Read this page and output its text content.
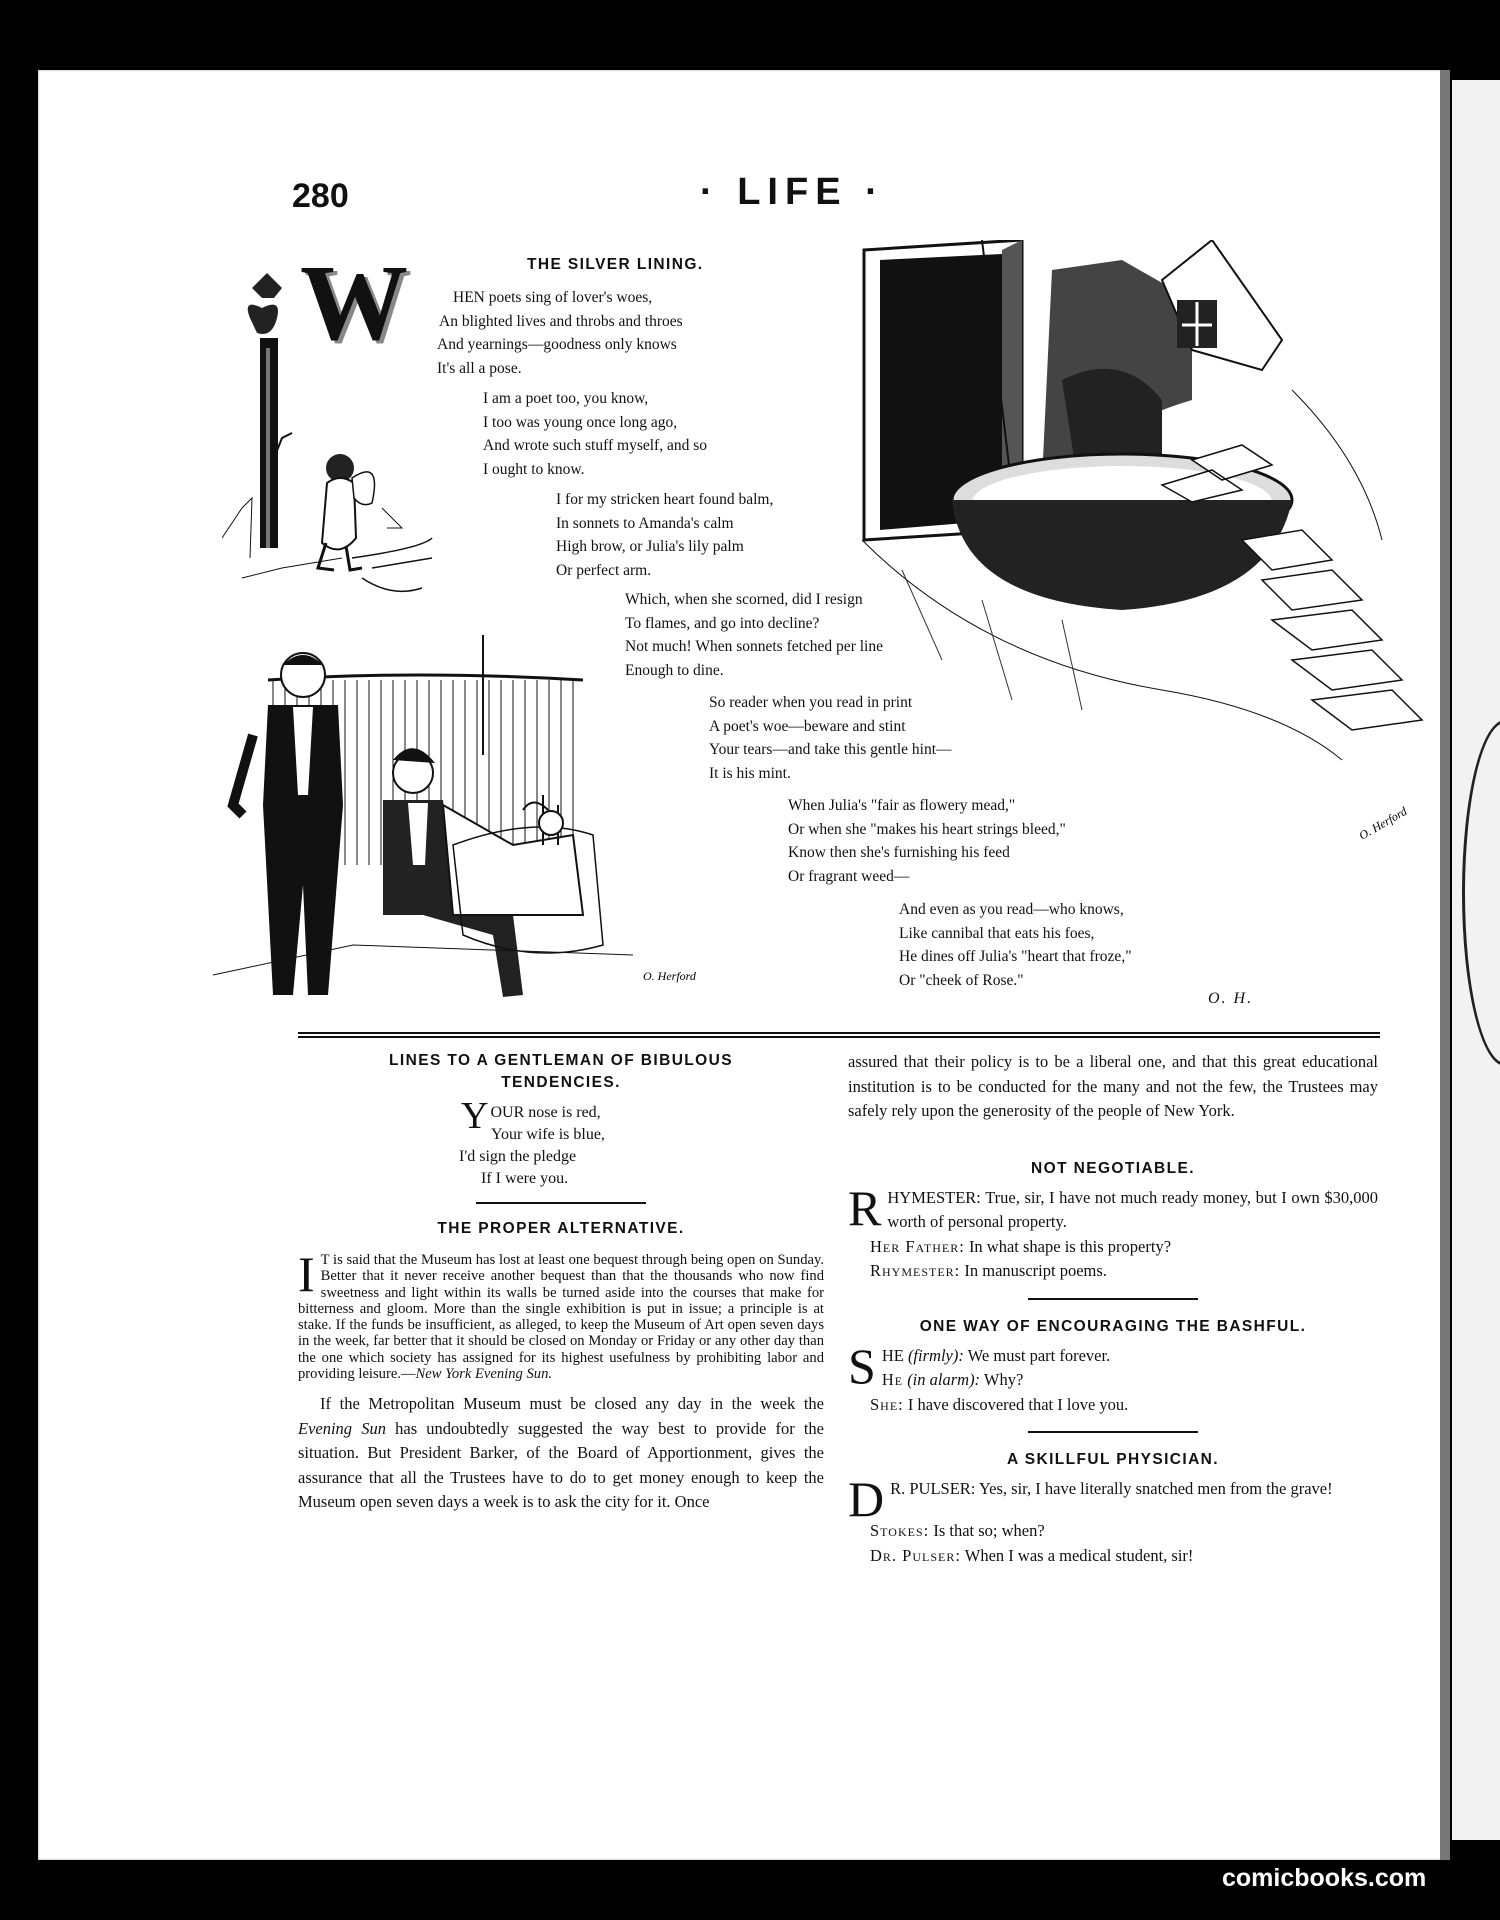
280	· LIFE ·
W
O. Herford
O. Herford
THE SILVER LINING.
HEN poets sing of lover's woes,
An blighted lives and throbs and throes
And yearnings—goodness only knows
It's all a pose.
I am a poet too, you know,
I too was young once long ago,
And wrote such stuff myself, and so
I ought to know.
I for my stricken heart found balm,
In sonnets to Amanda's calm
High brow, or Julia's lily palm
Or perfect arm.
Which, when she scorned, did I resign
To flames, and go into decline?
Not much! When sonnets fetched per line
Enough to dine.
So reader when you read in print
A poet's woe—beware and stint
Your tears—and take this gentle hint—
It is his mint.
When Julia's "fair as flowery mead,"
Or when she "makes his heart strings bleed,"
Know then she's furnishing his feed
Or fragrant weed—
And even as you read—who knows,
Like cannibal that eats his foes,
He dines off Julia's "heart that froze,"
Or "cheek of Rose."
O. H.
LINES TO A GENTLEMAN OF BIBULOUS TENDENCIES.
YOUR nose is red,
Your wife is blue,
I'd sign the pledge
If I were you.
THE PROPER ALTERNATIVE.
I T is said that the Museum has lost at least one bequest through being open on Sunday. Better that it never receive another bequest than that the thousands who now find sweetness and light within its walls be turned aside into the courses that make for bitterness and gloom. More than the single exhibition is put in issue; a principle is at stake. If the funds be insufficient, as alleged, to keep the Museum of Art open seven days in the week, far better that it should be closed on Monday or Friday or any other day than the one which society has assigned for its highest usefulness by prohibiting labor and providing leisure.—New York Evening Sun.
If the Metropolitan Museum must be closed any day in the week the Evening Sun has undoubtedly suggested the way best to provide for the situation. But President Barker, of the Board of Apportionment, gives the assurance that all the Trustees have to do to get money enough to keep the Museum open seven days a week is to ask the city for it. Once
assured that their policy is to be a liberal one, and that this great educational institution is to be conducted for the many and not the few, the Trustees may safely rely upon the generosity of the people of New York.
NOT NEGOTIABLE.
RHYMESTER: True, sir, I have not much ready money, but I own $30,000 worth of personal property.
Her Father: In what shape is this property?
Rhymester: In manuscript poems.
ONE WAY OF ENCOURAGING THE BASHFUL.
SHE (firmly): We must part forever.
He (in alarm): Why?
She: I have discovered that I love you.
A SKILLFUL PHYSICIAN.
D R. PULSER: Yes, sir, I have literally snatched men from the grave!
Stokes: Is that so; when?
Dr. Pulser: When I was a medical student, sir!
comicbooks.com
